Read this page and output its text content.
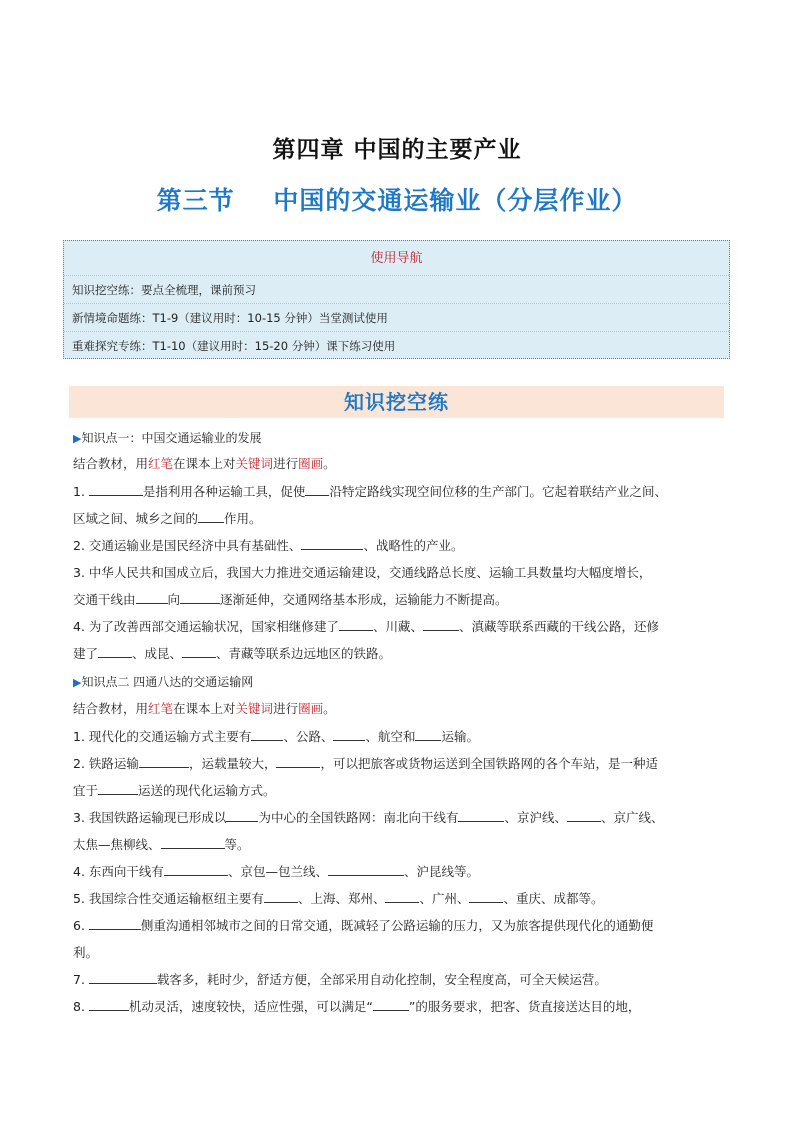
第四章 中国的主要产业
第三节    中国的交通运输业（分层作业）
使用导航
知识挖空练：要点全梳理，课前预习
新情境命题练：T1-9（建议用时：10-15 分钟）当堂测试使用
重难探究专练：T1-10（建议用时：15-20 分钟）课下练习使用
知识挖空练
▶知识点一：中国交通运输业的发展
结合教材，用红笔在课本上对关键词进行圈画。
1.	是指利用各种运输工具，促使 沿特定路线实现空间位移的生产部门。它起着联结产业之间、
区域之间、城乡之间的 作用。
2. 交通运输业是国民经济中具有基础性、	、战略性的产业。
3. 中华人民共和国成立后，我国大力推进交通运输建设，交通线路总长度、运输工具数量均大幅度增长，
交通干线由	向	逐渐延伸，交通网络基本形成，运输能力不断提高。
4. 为了改善西部交通运输状况，国家相继修建了	、川藏、	、滇藏等联系西藏的干线公路，还修
建了	、成昆、	、青藏等联系边远地区的铁路。
▶知识点二 四通八达的交通运输网
结合教材，用红笔在课本上对关键词进行圈画。
1. 现代化的交通运输方式主要有	、公路、	、航空和 运输。
2. 铁路运输	，运载量较大，	，可以把旅客或货物运送到全国铁路网的各个车站，是一种适
宜于	运送的现代化运输方式。
3. 我国铁路运输现已形成以	为中心的全国铁路网：南北向干线有	、京沪线、	、京广线、
太焦—焦柳线、	等。
4. 东西向干线有	、京包—包兰线、	、沪昆线等。
5. 我国综合性交通运输枢纽主要有	、上海、郑州、	、广州、	、重庆、成都等。
6.	侧重沟通相邻城市之间的日常交通，既减轻了公路运输的压力，又为旅客提供现代化的通勤便
利。
7.	载客多，耗时少，舒适方便，全部采用自动化控制，安全程度高，可全天候运营。
8.	机动灵活，速度较快，适应性强，可以满足“	”的服务要求，把客、货直接送达目的地，
